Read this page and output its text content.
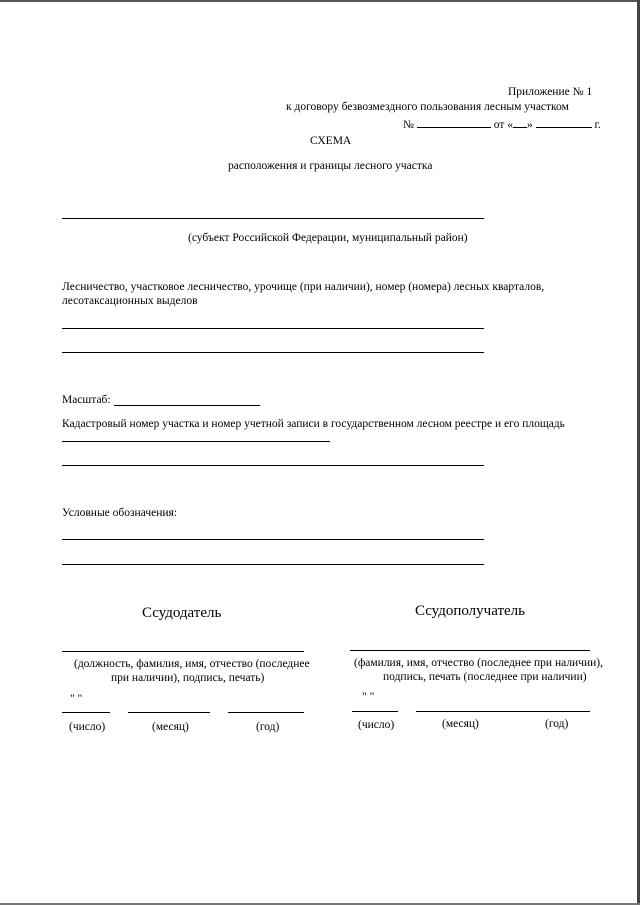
Приложение № 1
к договору безвозмездного пользования лесным участком
№	от « »	г.
СХЕМА
расположения и границы лесного участка
(субъект Российской Федерации, муниципальный район)
Лесничество, участковое лесничество, урочище (при наличии), номер (номера) лесных кварталов,
лесотаксационных выделов
Масштаб:
Кадастровый номер участка и номер учетной записи в государственном лесном реестре и его площадь
Условные обозначения:
Ссудодатель
(должность, фамилия, имя, отчество (последнее
при наличии), подпись, печать)
" "
(число)	(месяц)	(год)
Ссудополучатель
(фамилия, имя, отчество (последнее при наличии),
подпись, печать (последнее при наличии)
" "
(число)	(месяц)	(год)
